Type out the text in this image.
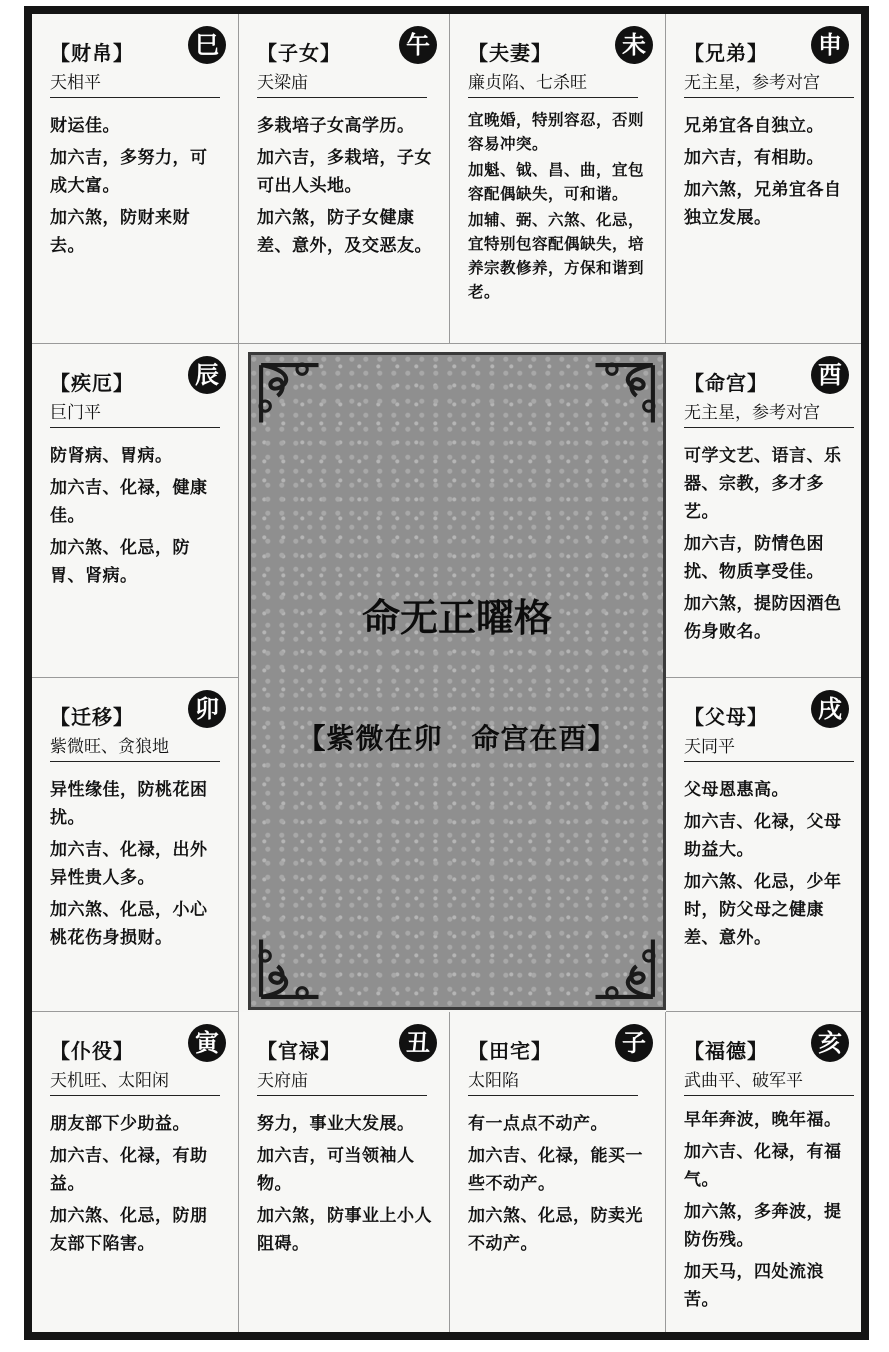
【财帛】	巳
天相平
财运佳。
加六吉，多努力，可成大富。
加六煞，防财来财去。
【子女】	午
天梁庙
多栽培子女高学历。
加六吉，多栽培，子女可出人头地。
加六煞，防子女健康差、意外，及交恶友。
【夫妻】	未
廉贞陷、七杀旺
宜晚婚，特别容忍，否则容易冲突。
加魁、钺、昌、曲，宜包容配偶缺失，可和谐。
加辅、弼、六煞、化忌，宜特别包容配偶缺失，培养宗教修养，方保和谐到老。
【兄弟】	申
无主星，参考对宫
兄弟宜各自独立。
加六吉，有相助。
加六煞，兄弟宜各自独立发展。
【疾厄】	辰
巨门平
防肾病、胃病。
加六吉、化禄，健康佳。
加六煞、化忌，防胃、肾病。
【迁移】	卯
紫微旺、贪狼地
异性缘佳，防桃花困扰。
加六吉、化禄，出外异性贵人多。
加六煞、化忌，小心桃花伤身损财。
【命宫】	酉
无主星，参考对宫
可学文艺、语言、乐器、宗教，多才多艺。
加六吉，防情色困扰、物质享受佳。
加六煞，提防因酒色伤身败名。
【父母】	戌
天同平
父母恩惠高。
加六吉、化禄，父母助益大。
加六煞、化忌，少年时，防父母之健康差、意外。
【仆役】	寅
天机旺、太阳闲
朋友部下少助益。
加六吉、化禄，有助益。
加六煞、化忌，防朋友部下陷害。
【官禄】	丑
天府庙
努力，事业大发展。
加六吉，可当领袖人物。
加六煞，防事业上小人阻碍。
【田宅】	子
太阳陷
有一点点不动产。
加六吉、化禄，能买一些不动产。
加六煞、化忌，防卖光不动产。
【福德】	亥
武曲平、破军平
早年奔波，晚年福。
加六吉、化禄，有福气。
加六煞，多奔波，提防伤残。
加天马，四处流浪苦。
命无正曜格
【紫微在卯　命宫在酉】
